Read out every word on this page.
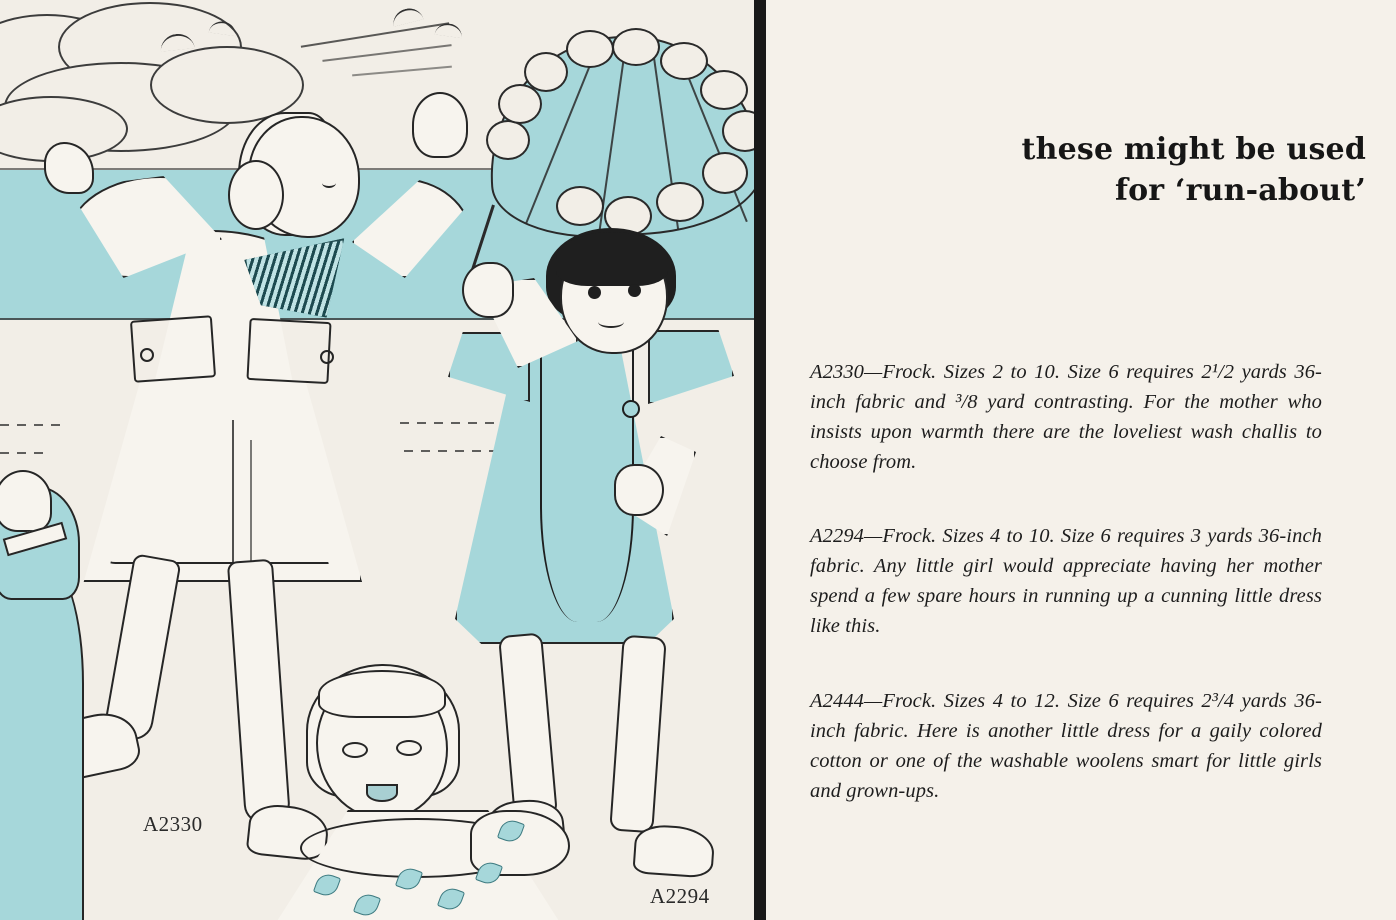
A2330
A2294
these might be used
for ‘run-about’

A2330—Frock. Sizes 2 to 10. Size 6 requires 2¹/2 yards 36-inch fabric and ³/8 yard contrasting. For the mother who insists upon warmth there are the loveliest wash challis to choose from.

A2294—Frock. Sizes 4 to 10. Size 6 requires 3 yards 36-inch fabric. Any little girl would appreciate having her mother spend a few spare hours in running up a cunning little dress like this.

A2444—Frock. Sizes 4 to 12. Size 6 requires 2³/4 yards 36-inch fabric. Here is another little dress for a gaily colored cotton or one of the washable woolens smart for little girls and grown-ups.
